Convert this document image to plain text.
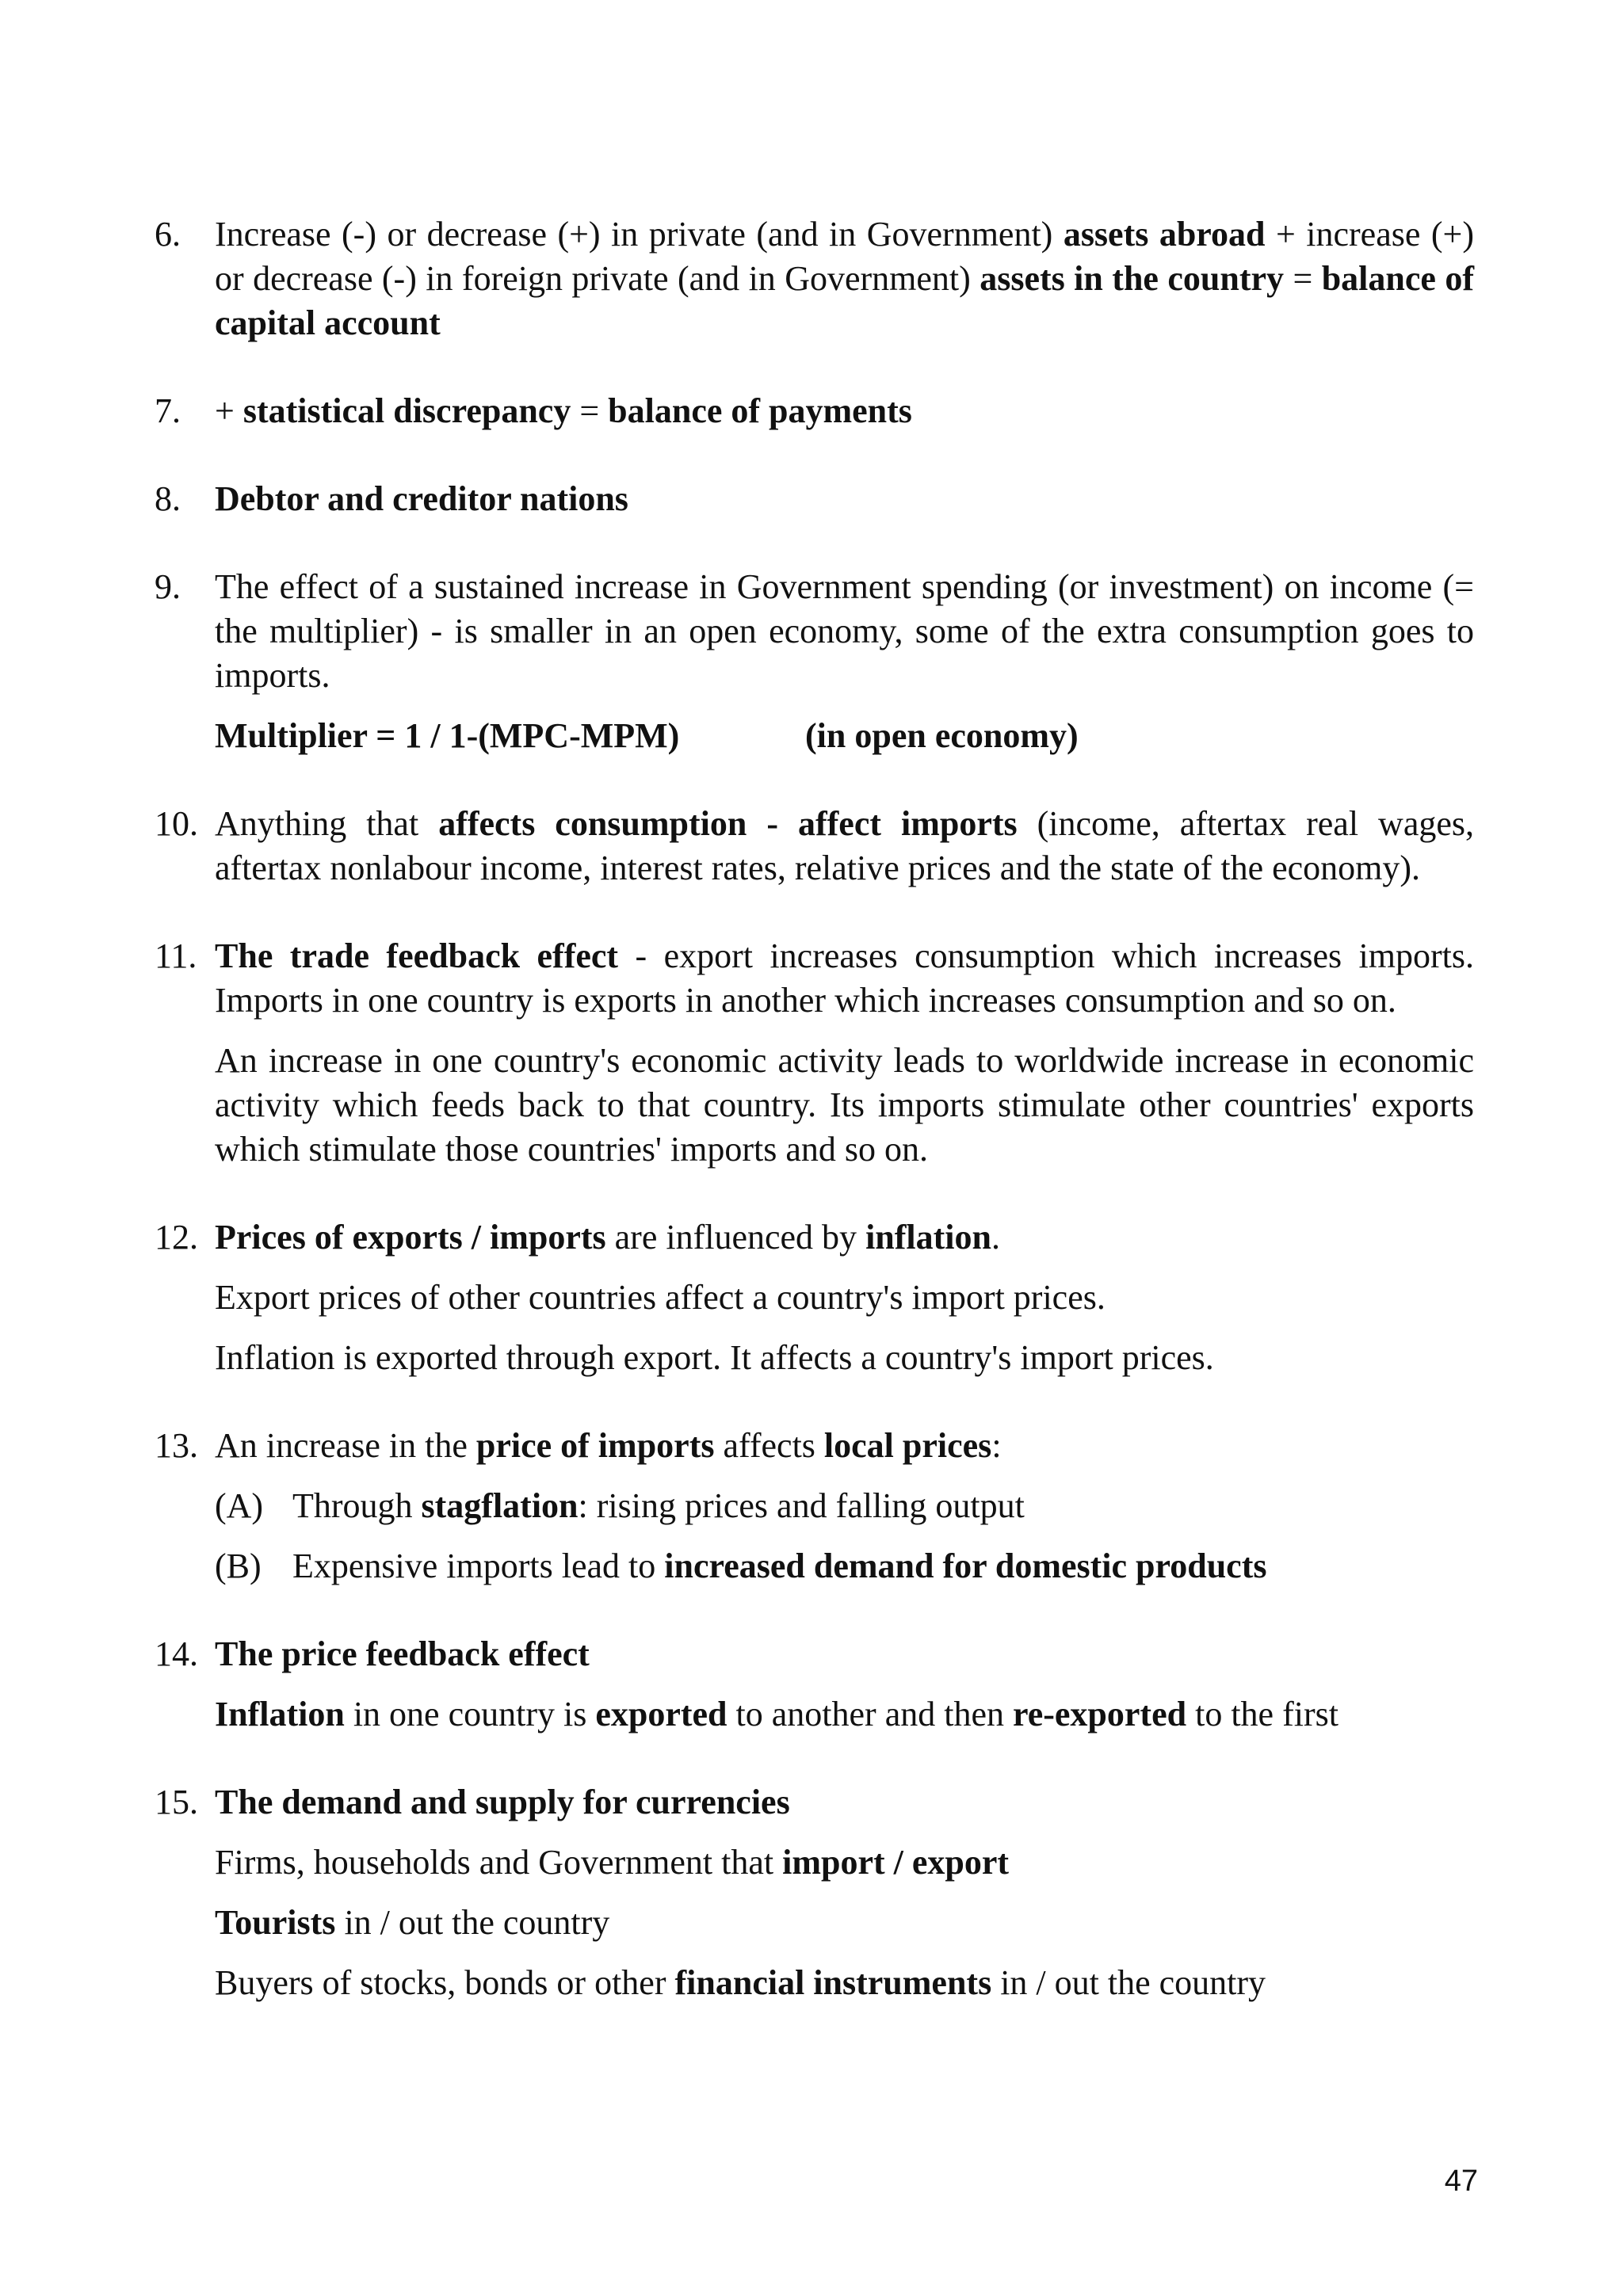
6. Increase (-) or decrease (+) in private (and in Government) assets abroad + increase (+) or decrease (-) in foreign private (and in Government) assets in the country = balance of capital account

7. + statistical discrepancy = balance of payments

8. Debtor and creditor nations

9. The effect of a sustained increase in Government spending (or investment) on income (= the multiplier) - is smaller in an open economy, some of the extra consumption goes to imports.

Multiplier = 1 / 1-(MPC-MPM)	(in open economy)

10. Anything that affects consumption - affect imports (income, aftertax real wages, aftertax nonlabour income, interest rates, relative prices and the state of the economy).

11. The trade feedback effect - export increases consumption which increases imports. Imports in one country is exports in another which increases consumption and so on.

An increase in one country's economic activity leads to worldwide increase in economic activity which feeds back to that country. Its imports stimulate other countries' exports which stimulate those countries' imports and so on.

12. Prices of exports / imports are influenced by inflation.

Export prices of other countries affect a country's import prices.

Inflation is exported through export. It affects a country's import prices.

13. An increase in the price of imports affects local prices:

(A) Through stagflation: rising prices and falling output
(B) Expensive imports lead to increased demand for domestic products
14. The price feedback effect

Inflation in one country is exported to another and then re-exported to the first

15. The demand and supply for currencies

Firms, households and Government that import / export

Tourists in / out the country

Buyers of stocks, bonds or other financial instruments in / out the country

47
